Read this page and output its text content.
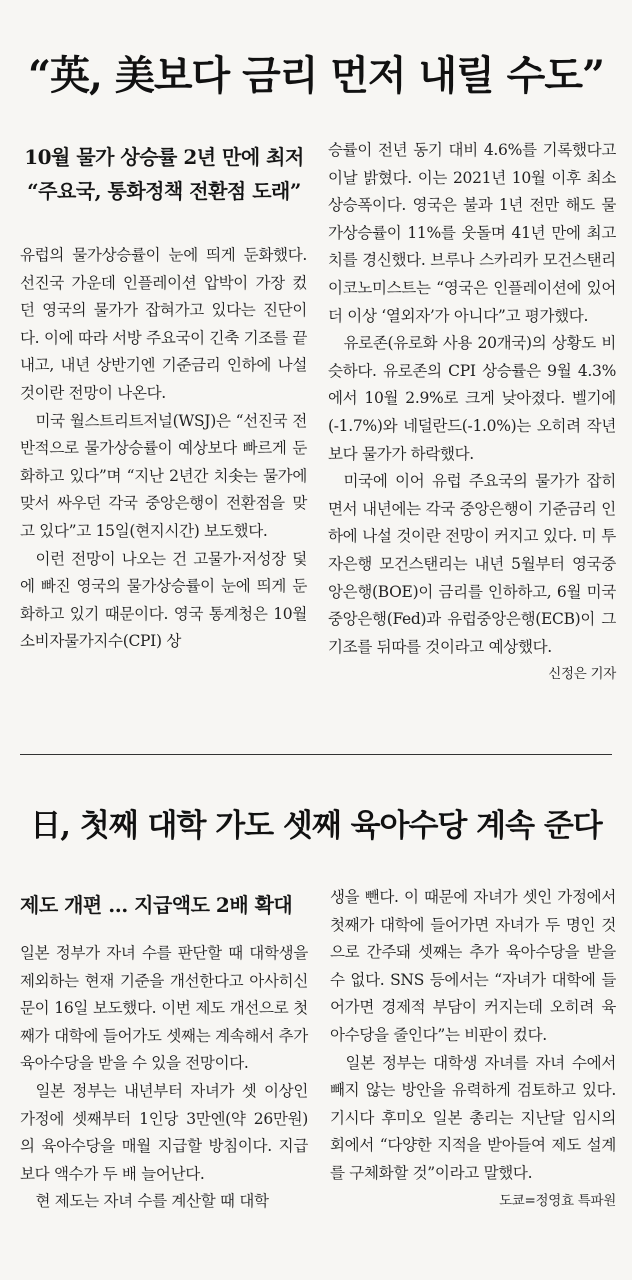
“英, 美보다 금리 먼저 내릴 수도”
10월 물가 상승률 2년 만에 최저
“주요국, 통화정책 전환점 도래”

유럽의 물가상승률이 눈에 띄게 둔화했다. 선진국 가운데 인플레이션 압박이 가장 컸던 영국의 물가가 잡혀가고 있다는 진단이다. 이에 따라 서방 주요국이 긴축 기조를 끝내고, 내년 상반기엔 기준금리 인하에 나설 것이란 전망이 나온다.

미국 월스트리트저널(WSJ)은 “선진국 전반적으로 물가상승률이 예상보다 빠르게 둔화하고 있다”며 “지난 2년간 치솟는 물가에 맞서 싸우던 각국 중앙은행이 전환점을 맞고 있다”고 15일(현지시간) 보도했다.

이런 전망이 나오는 건 고물가·저성장 덫에 빠진 영국의 물가상승률이 눈에 띄게 둔화하고 있기 때문이다. 영국 통계청은 10월 소비자물가지수(CPI) 상

승률이 전년 동기 대비 4.6%를 기록했다고 이날 밝혔다. 이는 2021년 10월 이후 최소 상승폭이다. 영국은 불과 1년 전만 해도 물가상승률이 11%를 웃돌며 41년 만에 최고치를 경신했다. 브루나 스카리카 모건스탠리 이코노미스트는 “영국은 인플레이션에 있어 더 이상 ‘열외자’가 아니다”고 평가했다.

유로존(유로화 사용 20개국)의 상황도 비슷하다. 유로존의 CPI 상승률은 9월 4.3%에서 10월 2.9%로 크게 낮아졌다. 벨기에(-1.7%)와 네덜란드(-1.0%)는 오히려 작년보다 물가가 하락했다.

미국에 이어 유럽 주요국의 물가가 잡히면서 내년에는 각국 중앙은행이 기준금리 인하에 나설 것이란 전망이 커지고 있다. 미 투자은행 모건스탠리는 내년 5월부터 영국중앙은행(BOE)이 금리를 인하하고, 6월 미국 중앙은행(Fed)과 유럽중앙은행(ECB)이 그 기조를 뒤따를 것이라고 예상했다.
신정은 기자

日, 첫째 대학 가도 셋째 육아수당 계속 준다
제도 개편 … 지급액도 2배 확대

일본 정부가 자녀 수를 판단할 때 대학생을 제외하는 현재 기준을 개선한다고 아사히신문이 16일 보도했다. 이번 제도 개선으로 첫째가 대학에 들어가도 셋째는 계속해서 추가 육아수당을 받을 수 있을 전망이다.

일본 정부는 내년부터 자녀가 셋 이상인 가정에 셋째부터 1인당 3만엔(약 26만원)의 육아수당을 매월 지급할 방침이다. 지급보다 액수가 두 배 늘어난다.

현 제도는 자녀 수를 계산할 때 대학

생을 뺀다. 이 때문에 자녀가 셋인 가정에서 첫째가 대학에 들어가면 자녀가 두 명인 것으로 간주돼 셋째는 추가 육아수당을 받을 수 없다. SNS 등에서는 “자녀가 대학에 들어가면 경제적 부담이 커지는데 오히려 육아수당을 줄인다”는 비판이 컸다.

일본 정부는 대학생 자녀를 자녀 수에서 빼지 않는 방안을 유력하게 검토하고 있다. 기시다 후미오 일본 총리는 지난달 임시의회에서 “다양한 지적을 받아들여 제도 설계를 구체화할 것”이라고 말했다.
도쿄=정영효 특파원
